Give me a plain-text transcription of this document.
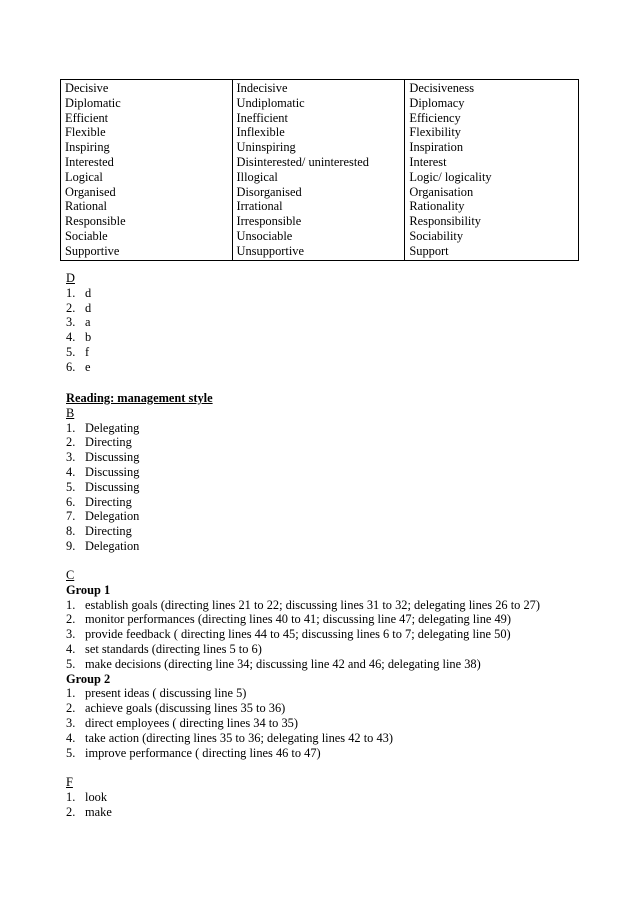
Decisive	Indecisive	Decisiveness
Diplomatic	Undiplomatic	Diplomacy
Efficient	Inefficient	Efficiency
Flexible	Inflexible	Flexibility
Inspiring	Uninspiring	Inspiration
Interested	Disinterested/ uninterested	Interest
Logical	Illogical	Logic/ logicality
Organised	Disorganised	Organisation
Rational	Irrational	Rationality
Responsible	Irresponsible	Responsibility
Sociable	Unsociable	Sociability
Supportive	Unsupportive	Support
D
1. d
2. d
3. a
4. b
5. f
6. e
Reading: management style
B
1. Delegating
2. Directing
3. Discussing
4. Discussing
5. Discussing
6. Directing
7. Delegation
8. Directing
9. Delegation
C
Group 1
1. establish goals (directing lines 21 to 22; discussing lines 31 to 32; delegating lines 26 to 27)
2. monitor performances (directing lines 40 to 41; discussing line 47; delegating line 49)
3. provide feedback ( directing lines 44 to 45; discussing lines 6 to 7; delegating line 50)
4. set standards (directing lines 5 to 6)
5. make decisions (directing line 34; discussing line 42 and 46; delegating line 38)
Group 2
1. present ideas ( discussing line 5)
2. achieve goals (discussing lines 35 to 36)
3. direct employees ( directing lines 34 to 35)
4. take action (directing lines 35 to 36; delegating lines 42 to 43)
5. improve performance ( directing lines 46 to 47)
F
1. look
2. make
